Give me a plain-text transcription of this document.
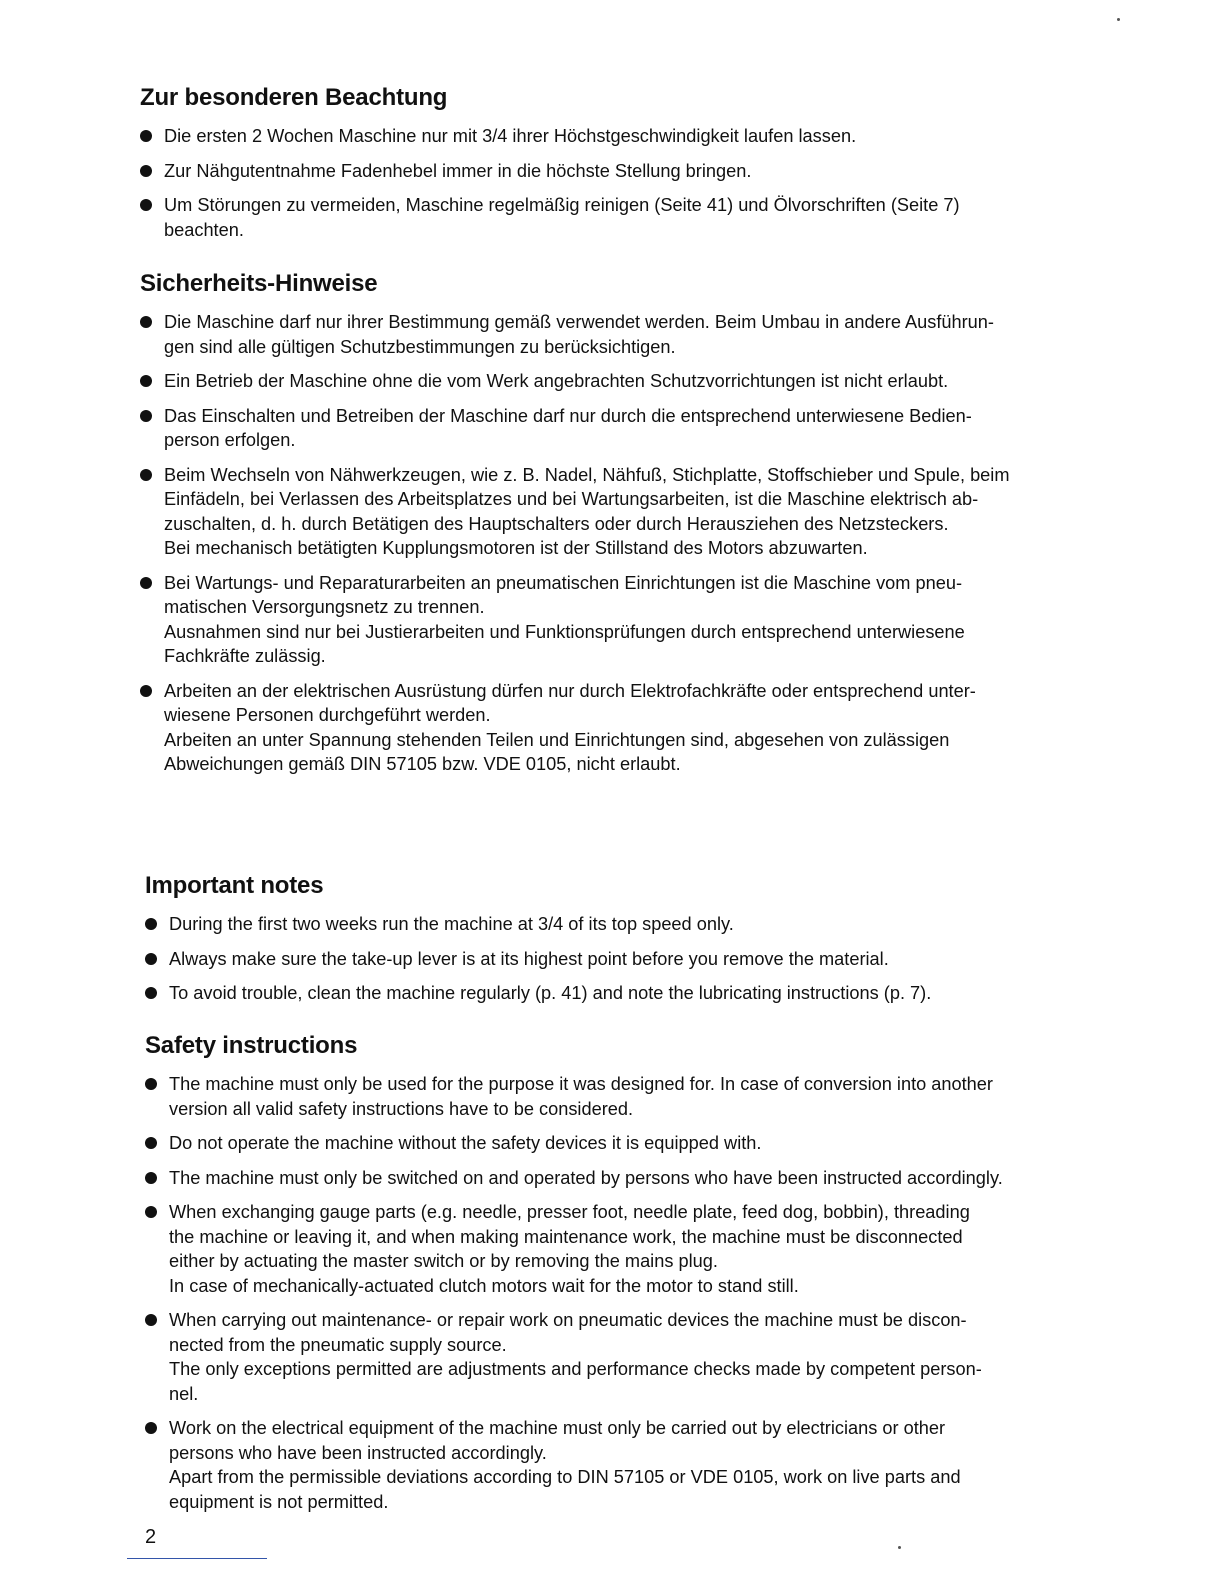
Zur besonderen Beachtung
Die ersten 2 Wochen Maschine nur mit 3/4 ihrer Höchstgeschwindigkeit laufen lassen.
Zur Nähgutentnahme Fadenhebel immer in die höchste Stellung bringen.
Um Störungen zu vermeiden, Maschine regelmäßig reinigen (Seite 41) und Ölvorschriften (Seite 7)
beachten.
Sicherheits-Hinweise
Die Maschine darf nur ihrer Bestimmung gemäß verwendet werden. Beim Umbau in andere Ausführun-
gen sind alle gültigen Schutzbestimmungen zu berücksichtigen.
Ein Betrieb der Maschine ohne die vom Werk angebrachten Schutzvorrichtungen ist nicht erlaubt.
Das Einschalten und Betreiben der Maschine darf nur durch die entsprechend unterwiesene Bedien-
person erfolgen.
Beim Wechseln von Nähwerkzeugen, wie z. B. Nadel, Nähfuß, Stichplatte, Stoffschieber und Spule, beim
Einfädeln, bei Verlassen des Arbeitsplatzes und bei Wartungsarbeiten, ist die Maschine elektrisch ab-
zuschalten, d. h. durch Betätigen des Hauptschalters oder durch Herausziehen des Netzsteckers.
Bei mechanisch betätigten Kupplungsmotoren ist der Stillstand des Motors abzuwarten.
Bei Wartungs- und Reparaturarbeiten an pneumatischen Einrichtungen ist die Maschine vom pneu-
matischen Versorgungsnetz zu trennen.
Ausnahmen sind nur bei Justierarbeiten und Funktionsprüfungen durch entsprechend unterwiesene
Fachkräfte zulässig.
Arbeiten an der elektrischen Ausrüstung dürfen nur durch Elektrofachkräfte oder entsprechend unter-
wiesene Personen durchgeführt werden.
Arbeiten an unter Spannung stehenden Teilen und Einrichtungen sind, abgesehen von zulässigen
Abweichungen gemäß DIN 57105 bzw. VDE 0105, nicht erlaubt.
Important notes
During the first two weeks run the machine at 3/4 of its top speed only.
Always make sure the take-up lever is at its highest point before you remove the material.
To avoid trouble, clean the machine regularly (p. 41) and note the lubricating instructions (p. 7).
Safety instructions
The machine must only be used for the purpose it was designed for. In case of conversion into another
version all valid safety instructions have to be considered.
Do not operate the machine without the safety devices it is equipped with.
The machine must only be switched on and operated by persons who have been instructed accordingly.
When exchanging gauge parts (e.g. needle, presser foot, needle plate, feed dog, bobbin), threading
the machine or leaving it, and when making maintenance work, the machine must be disconnected
either by actuating the master switch or by removing the mains plug.
In case of mechanically-actuated clutch motors wait for the motor to stand still.
When carrying out maintenance- or repair work on pneumatic devices the machine must be discon-
nected from the pneumatic supply source.
The only exceptions permitted are adjustments and performance checks made by competent person-
nel.
Work on the electrical equipment of the machine must only be carried out by electricians or other
persons who have been instructed accordingly.
Apart from the permissible deviations according to DIN 57105 or VDE 0105, work on live parts and
equipment is not permitted.
2
